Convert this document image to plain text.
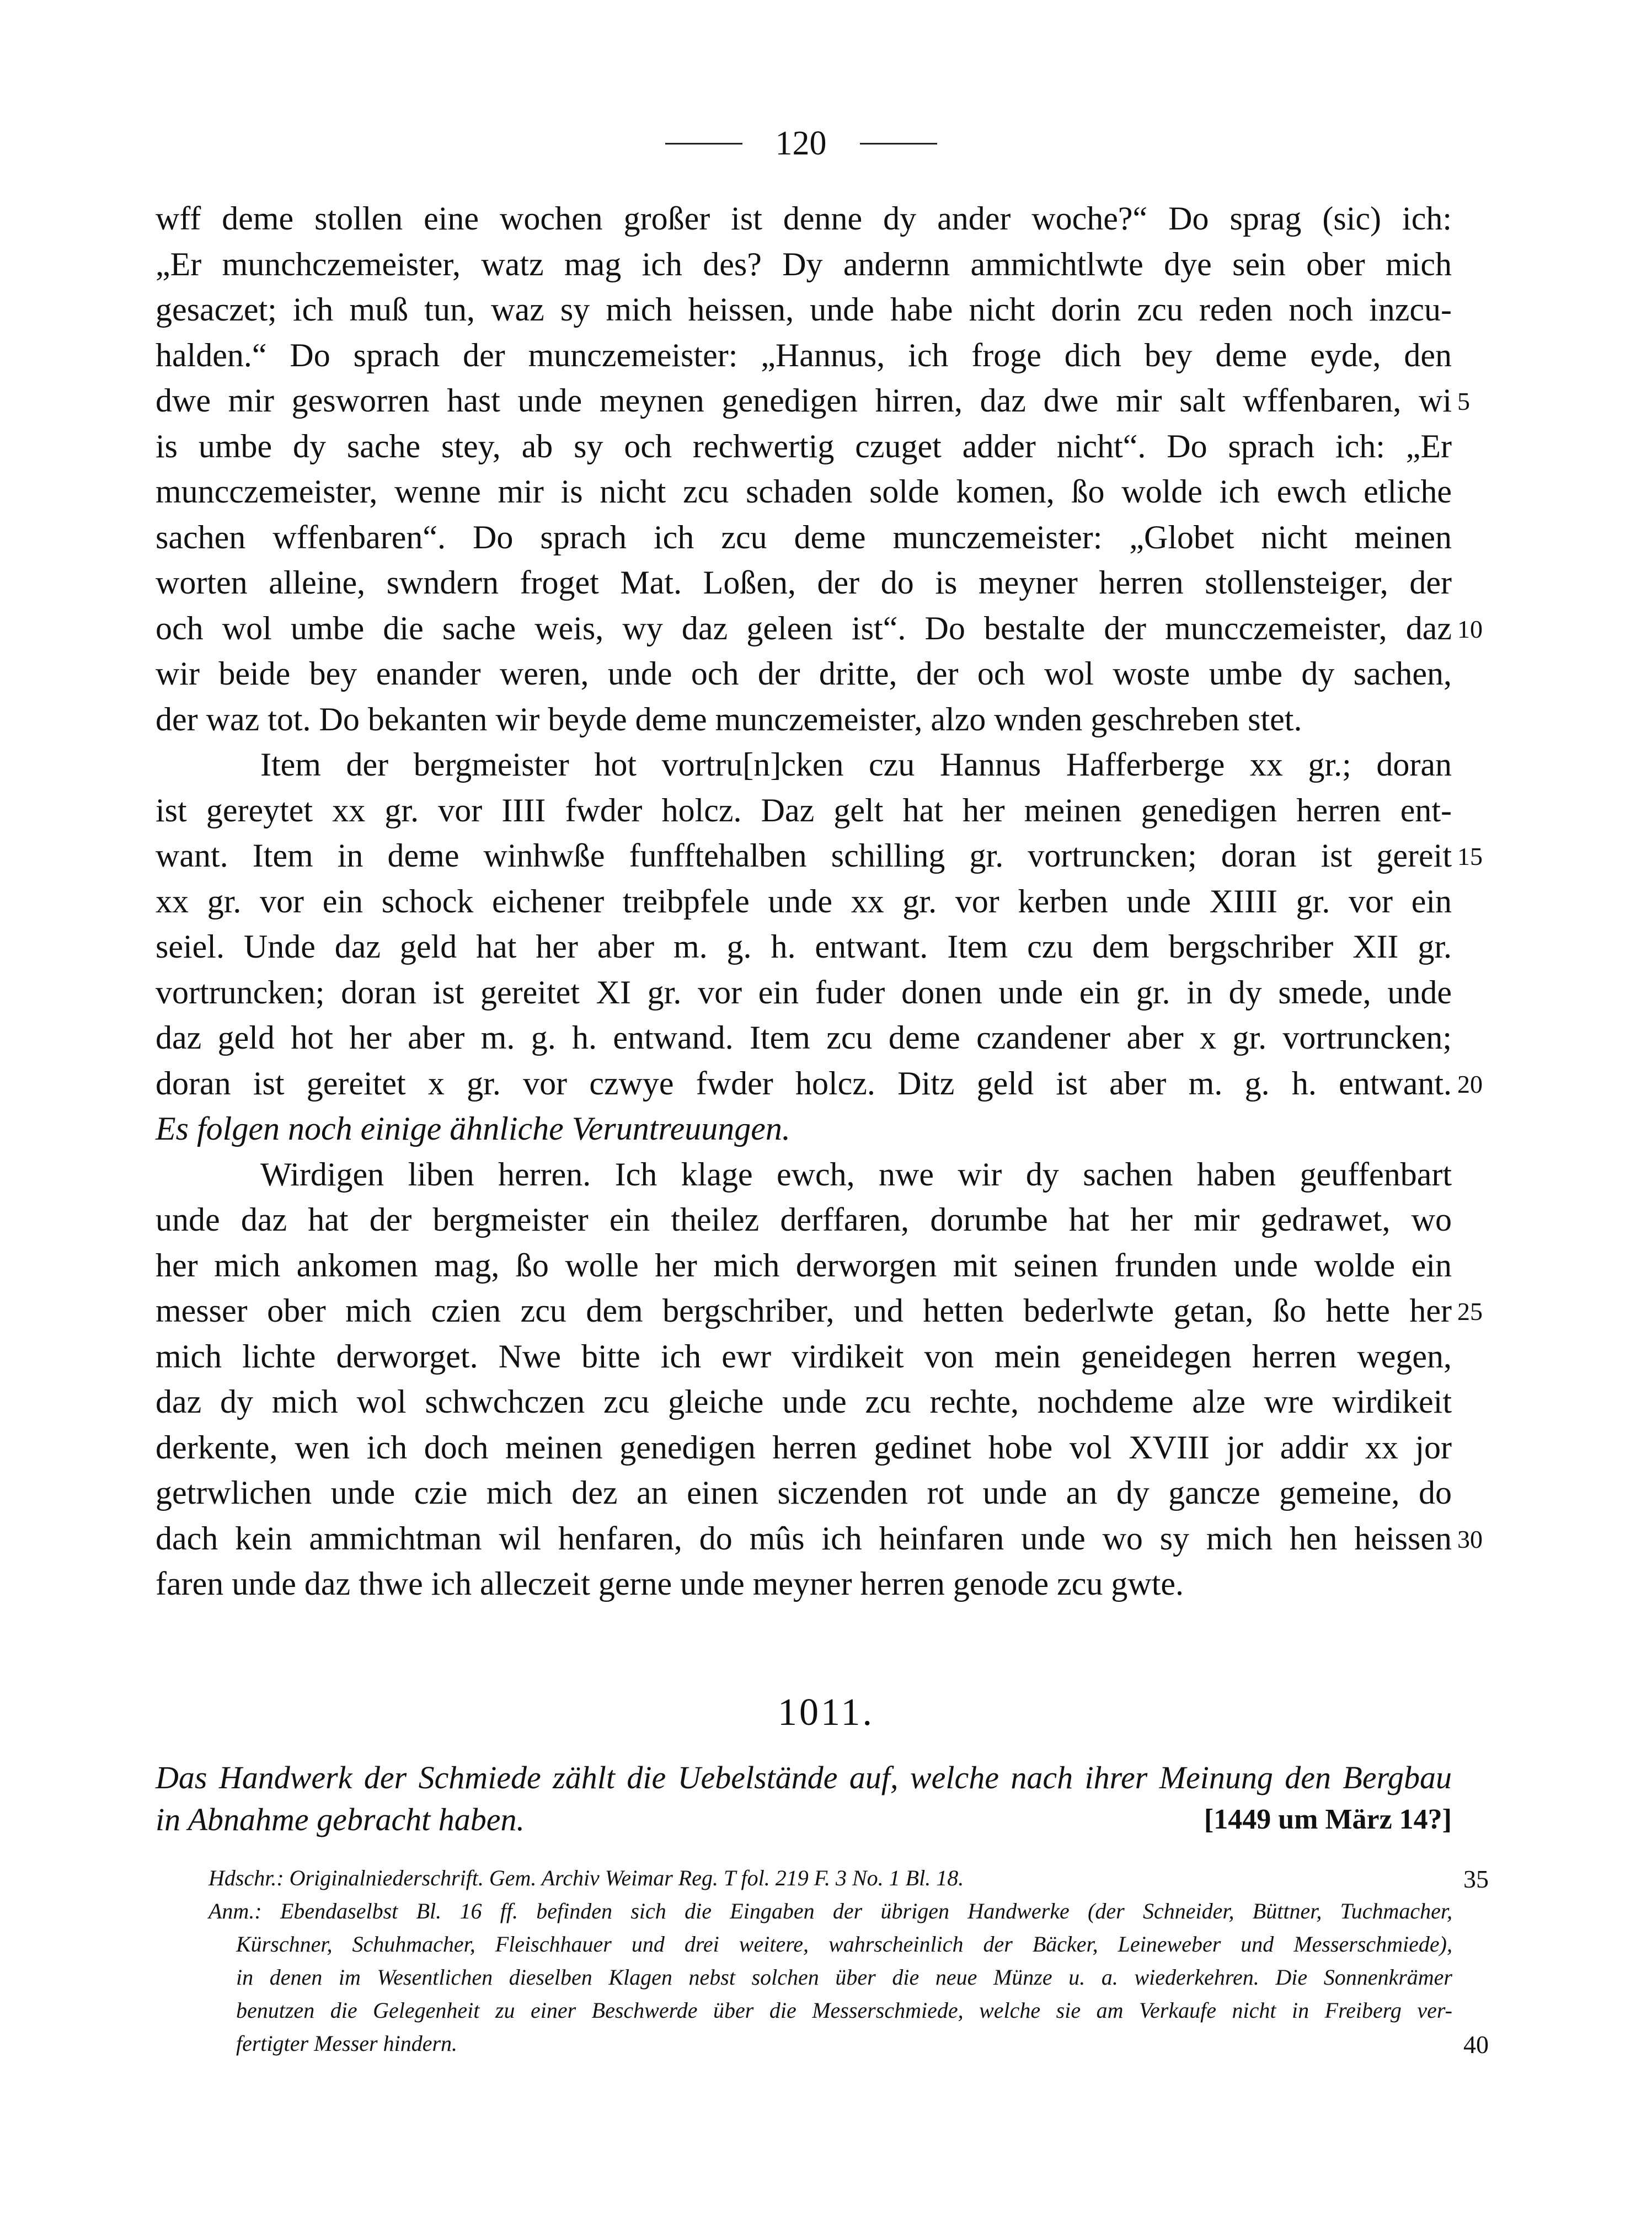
120
wff deme stollen eine wochen großer ist denne dy ander woche?“ Do sprag (sic) ich:
„Er munchczemeister, watz mag ich des? Dy andernn ammichtlwte dye sein ober mich
gesaczet; ich muß tun, waz sy mich heissen, unde habe nicht dorin zcu reden noch inzcu-
halden.“ Do sprach der munczemeister: „Hannus, ich froge dich bey deme eyde, den
dwe mir gesworren hast unde meynen genedigen hirren, daz dwe mir salt wffenbaren, wi 5
is umbe dy sache stey, ab sy och rechwertig czuget adder nicht“. Do sprach ich: „Er
muncczemeister, wenne mir is nicht zcu schaden solde komen, ßo wolde ich ewch etliche
sachen wffenbaren“. Do sprach ich zcu deme munczemeister: „Globet nicht meinen
worten alleine, swndern froget Mat. Loßen, der do is meyner herren stollensteiger, der
och wol umbe die sache weis, wy daz geleen ist“. Do bestalte der muncczemeister, daz 10
wir beide bey enander weren, unde och der dritte, der och wol woste umbe dy sachen,
der waz tot. Do bekanten wir beyde deme munczemeister, alzo wnden geschreben stet.
Item der bergmeister hot vortru[n]cken czu Hannus Hafferberge xx gr.; doran
ist gereytet xx gr. vor IIII fwder holcz. Daz gelt hat her meinen genedigen herren ent-
want. Item in deme winhwße funfftehalben schilling gr. vortruncken; doran ist gereit 15
xx gr. vor ein schock eichener treibpfele unde xx gr. vor kerben unde XIIII gr. vor ein
seiel. Unde daz geld hat her aber m. g. h. entwant. Item czu dem bergschriber XII gr.
vortruncken; doran ist gereitet XI gr. vor ein fuder donen unde ein gr. in dy smede, unde
daz geld hot her aber m. g. h. entwand. Item zcu deme czandener aber x gr. vortruncken;
doran ist gereitet x gr. vor czwye fwder holcz. Ditz geld ist aber m. g. h. entwant. 20
Es folgen noch einige ähnliche Veruntreuungen.
Wirdigen liben herren. Ich klage ewch, nwe wir dy sachen haben geuffenbart
unde daz hat der bergmeister ein theilez derffaren, dorumbe hat her mir gedrawet, wo
her mich ankomen mag, ßo wolle her mich derworgen mit seinen frunden unde wolde ein
messer ober mich czien zcu dem bergschriber, und hetten bederlwte getan, ßo hette her 25
mich lichte derworget. Nwe bitte ich ewr virdikeit von mein geneidegen herren wegen,
daz dy mich wol schwchczen zcu gleiche unde zcu rechte, nochdeme alze wre wirdikeit
derkente, wen ich doch meinen genedigen herren gedinet hobe vol XVIII jor addir xx jor
getrwlichen unde czie mich dez an einen siczenden rot unde an dy gancze gemeine, do
dach kein ammichtman wil henfaren, do mûs ich heinfaren unde wo sy mich hen heissen 30
faren unde daz thwe ich alleczeit gerne unde meyner herren genode zcu gwte.
1011.
Das Handwerk der Schmiede zählt die Uebelstände auf, welche nach ihrer Meinung den Bergbau
in Abnahme gebracht haben.	[1449 um März 14?]
Hdschr.: Originalniederschrift. Gem. Archiv Weimar Reg. T fol. 219 F. 3 No. 1 Bl. 18.	35
Anm.: Ebendaselbst Bl. 16 ff. befinden sich die Eingaben der übrigen Handwerke (der Schneider, Büttner, Tuchmacher,
Kürschner, Schuhmacher, Fleischhauer und drei weitere, wahrscheinlich der Bäcker, Leineweber und Messerschmiede),
in denen im Wesentlichen dieselben Klagen nebst solchen über die neue Münze u. a. wiederkehren. Die Sonnenkrämer
benutzen die Gelegenheit zu einer Beschwerde über die Messerschmiede, welche sie am Verkaufe nicht in Freiberg ver-
fertigter Messer hindern.	40
